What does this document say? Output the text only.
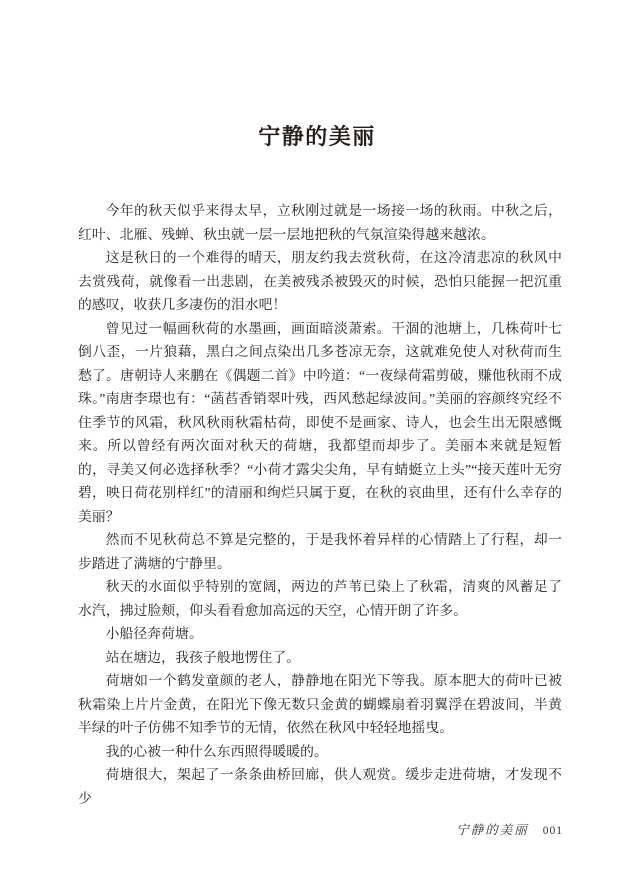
宁静的美丽

今年的秋天似乎来得太早，立秋刚过就是一场接一场的秋雨。中秋之后，红叶、北雁、残蝉、秋虫就一层一层地把秋的气氛渲染得越来越浓。

这是秋日的一个难得的晴天，朋友约我去赏秋荷，在这冷清悲凉的秋风中去赏残荷，就像看一出悲剧，在美被残杀被毁灭的时候，恐怕只能握一把沉重的感叹，收获几多凄伤的泪水吧！

曾见过一幅画秋荷的水墨画，画面暗淡萧索。干涸的池塘上，几株荷叶七倒八歪，一片狼藉，黑白之间点染出几多苍凉无奈，这就难免使人对秋荷而生愁了。唐朝诗人来鹏在《偶题二首》中吟道：“一夜绿荷霜剪破，赚他秋雨不成珠。”南唐李璟也有：“菡萏香销翠叶残，西风愁起绿波间。”美丽的容颜终究经不住季节的风霜，秋风秋雨秋霜枯荷，即使不是画家、诗人，也会生出无限感慨来。所以曾经有两次面对秋天的荷塘，我都望而却步了。美丽本来就是短暂的，寻美又何必选择秋季？“小荷才露尖尖角，早有蜻蜓立上头”“接天莲叶无穷碧，映日荷花别样红”的清丽和绚烂只属于夏，在秋的哀曲里，还有什么幸存的美丽？

然而不见秋荷总不算是完整的，于是我怀着异样的心情踏上了行程，却一步踏进了满塘的宁静里。

秋天的水面似乎特别的宽阔，两边的芦苇已染上了秋霜，清爽的风蓄足了水汽，拂过脸颊，仰头看看愈加高远的天空，心情开朗了许多。

小船径奔荷塘。

站在塘边，我孩子般地愣住了。

荷塘如一个鹤发童颜的老人，静静地在阳光下等我。原本肥大的荷叶已被秋霜染上片片金黄，在阳光下像无数只金黄的蝴蝶扇着羽翼浮在碧波间，半黄半绿的叶子仿佛不知季节的无情，依然在秋风中轻轻地摇曳。

我的心被一种什么东西照得暖暖的。

荷塘很大，架起了一条条曲桥回廊，供人观赏。缓步走进荷塘，才发现不少

宁静的美丽 001
